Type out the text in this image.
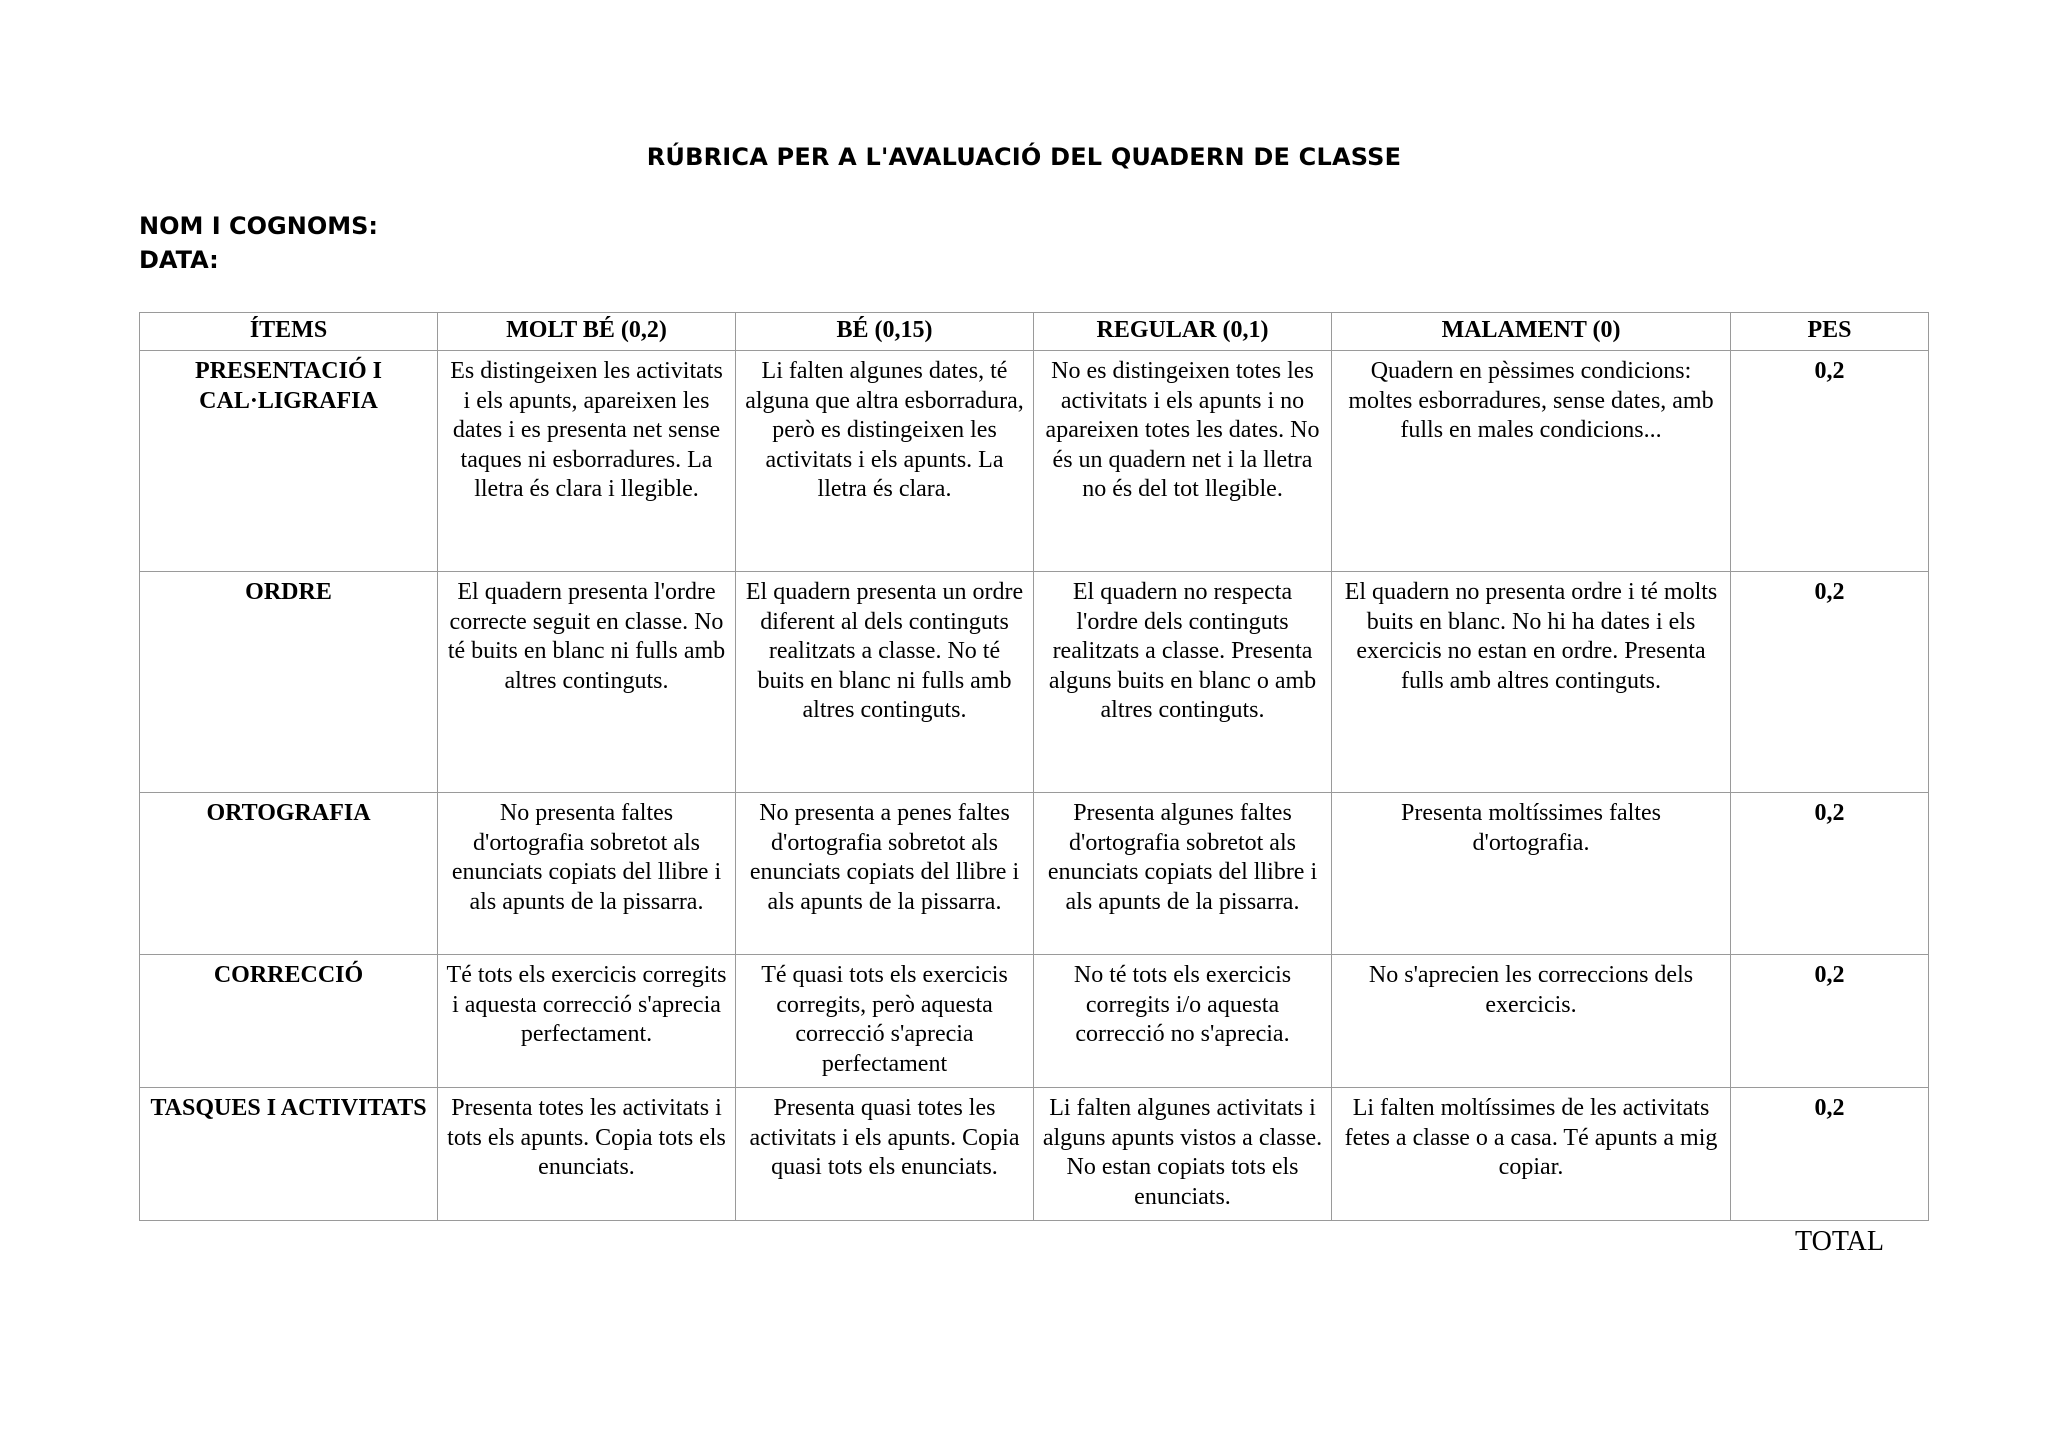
RÚBRICA PER A L'AVALUACIÓ DEL QUADERN DE CLASSE
NOM I COGNOMS:
DATA:
ÍTEMS	MOLT BÉ (0,2)	BÉ (0,15)	REGULAR (0,1)	MALAMENT (0)	PES
PRESENTACIÓ I CAL·LIGRAFIA	Es distingeixen les activitats i els apunts, apareixen les dates i es presenta net sense taques ni esborradures. La lletra és clara i llegible.	Li falten algunes dates, té alguna que altra esborradura, però es distingeixen les activitats i els apunts. La lletra és clara.	No es distingeixen totes les activitats i els apunts i no apareixen totes les dates. No és un quadern net i la lletra no és del tot llegible.	Quadern en pèssimes condicions: moltes esborradures, sense dates, amb fulls en males condicions...	0,2
ORDRE	El quadern presenta l'ordre correcte seguit en classe. No té buits en blanc ni fulls amb altres continguts.	El quadern presenta un ordre diferent al dels continguts realitzats a classe. No té buits en blanc ni fulls amb altres continguts.	El quadern no respecta l'ordre dels continguts realitzats a classe. Presenta alguns buits en blanc o amb altres continguts.	El quadern no presenta ordre i té molts buits en blanc. No hi ha dates i els exercicis no estan en ordre. Presenta fulls amb altres continguts.	0,2
ORTOGRAFIA	No presenta faltes d'ortografia sobretot als enunciats copiats del llibre i als apunts de la pissarra.	No presenta a penes faltes d'ortografia sobretot als enunciats copiats del llibre i als apunts de la pissarra.	Presenta algunes faltes d'ortografia sobretot als enunciats copiats del llibre i als apunts de la pissarra.	Presenta moltíssimes faltes d'ortografia.	0,2
CORRECCIÓ	Té tots els exercicis corregits i aquesta correcció s'aprecia perfectament.	Té quasi tots els exercicis corregits, però aquesta correcció s'aprecia perfectament	No té tots els exercicis corregits i/o aquesta correcció no s'aprecia.	No s'aprecien les correccions dels exercicis.	0,2
TASQUES I ACTIVITATS	Presenta totes les activitats i tots els apunts. Copia tots els enunciats.	Presenta quasi totes les activitats i els apunts. Copia quasi tots els enunciats.	Li falten algunes activitats i alguns apunts vistos a classe. No estan copiats tots els enunciats.	Li falten moltíssimes de les activitats fetes a classe o a casa. Té apunts a mig copiar.	0,2
TOTAL
